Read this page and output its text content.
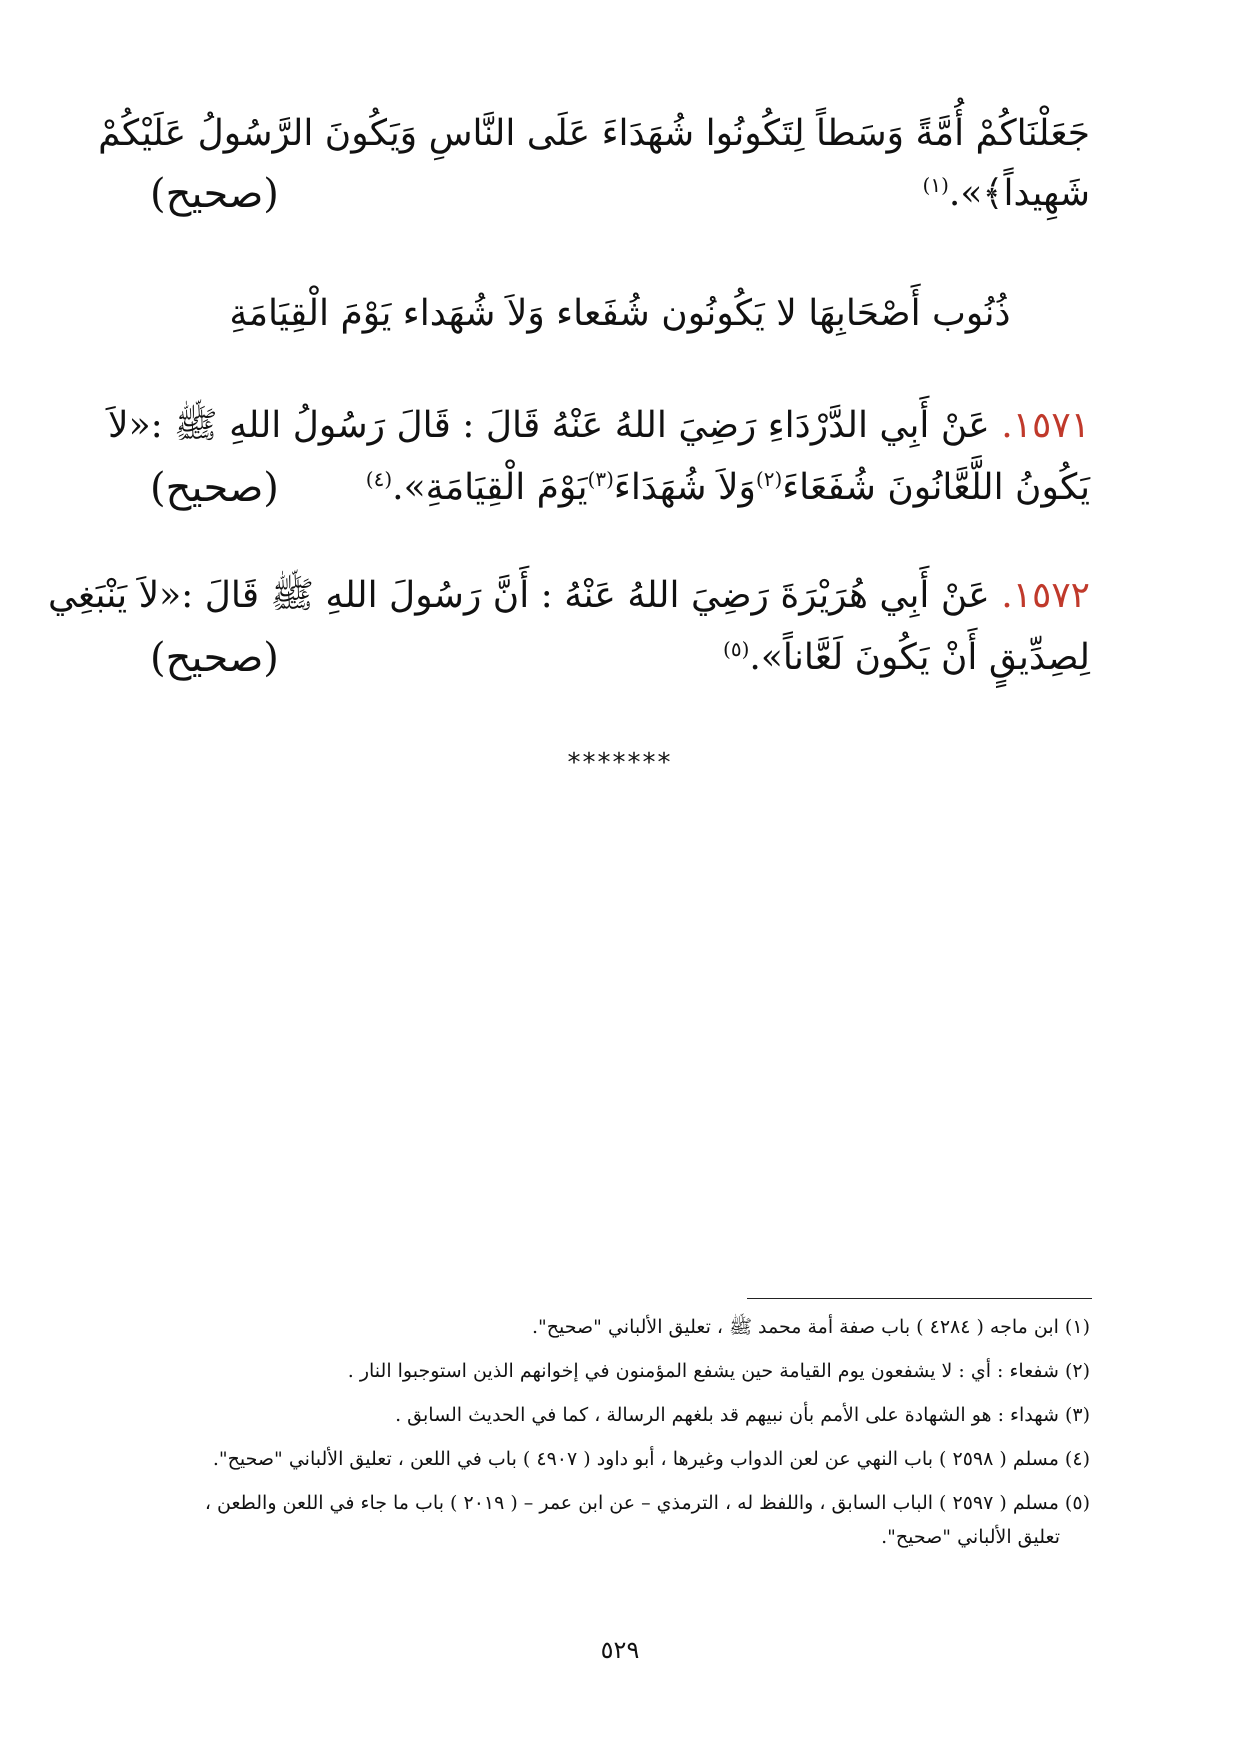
جَعَلْنَاكُمْ أُمَّةً وَسَطاً لِتَكُونُوا شُهَدَاءَ عَلَى النَّاسِ وَيَكُونَ الرَّسُولُ عَلَيْكُمْ
شَهِيداً﴾».$^{(١)}$
(صحيح)
ذُنُوب أَصْحَابِهَا لا يَكُونُون شُفَعاء وَلاَ شُهَداء يَوْمَ الْقِيَامَةِ
١٥٧١. عَنْ أَبِي الدَّرْدَاءِ رَضِيَ اللهُ عَنْهُ قَالَ : قَالَ رَسُولُ اللهِ ﷺ :«لاَ
يَكُونُ اللَّعَّانُونَ شُفَعَاءَ$^{(٢)}$وَلاَ شُهَدَاءَ$^{(٣)}$يَوْمَ الْقِيَامَةِ».$^{(٤)}$
(صحيح)
١٥٧٢. عَنْ أَبِي هُرَيْرَةَ رَضِيَ اللهُ عَنْهُ : أَنَّ رَسُولَ اللهِ ﷺ قَالَ :«لاَ يَنْبَغِي
لِصِدِّيقٍ أَنْ يَكُونَ لَعَّاناً».$^{(٥)}$
(صحيح)
*******
(١) ابن ماجه ( ٤٢٨٤ ) باب صفة أمة محمد ﷺ ، تعليق الألباني "صحيح".
(٢) شفعاء : أي : لا يشفعون يوم القيامة حين يشفع المؤمنون في إخوانهم الذين استوجبوا النار .
(٣) شهداء : هو الشهادة على الأمم بأن نبيهم قد بلغهم الرسالة ، كما في الحديث السابق .
(٤) مسلم ( ٢٥٩٨ ) باب النهي عن لعن الدواب وغيرها ، أبو داود ( ٤٩٠٧ ) باب في اللعن ، تعليق الألباني "صحيح".
(٥) مسلم ( ٢٥٩٧ ) الباب السابق ، واللفظ له ، الترمذي – عن ابن عمر – ( ٢٠١٩ ) باب ما جاء في اللعن والطعن ،
تعليق الألباني "صحيح".
٥٢٩
